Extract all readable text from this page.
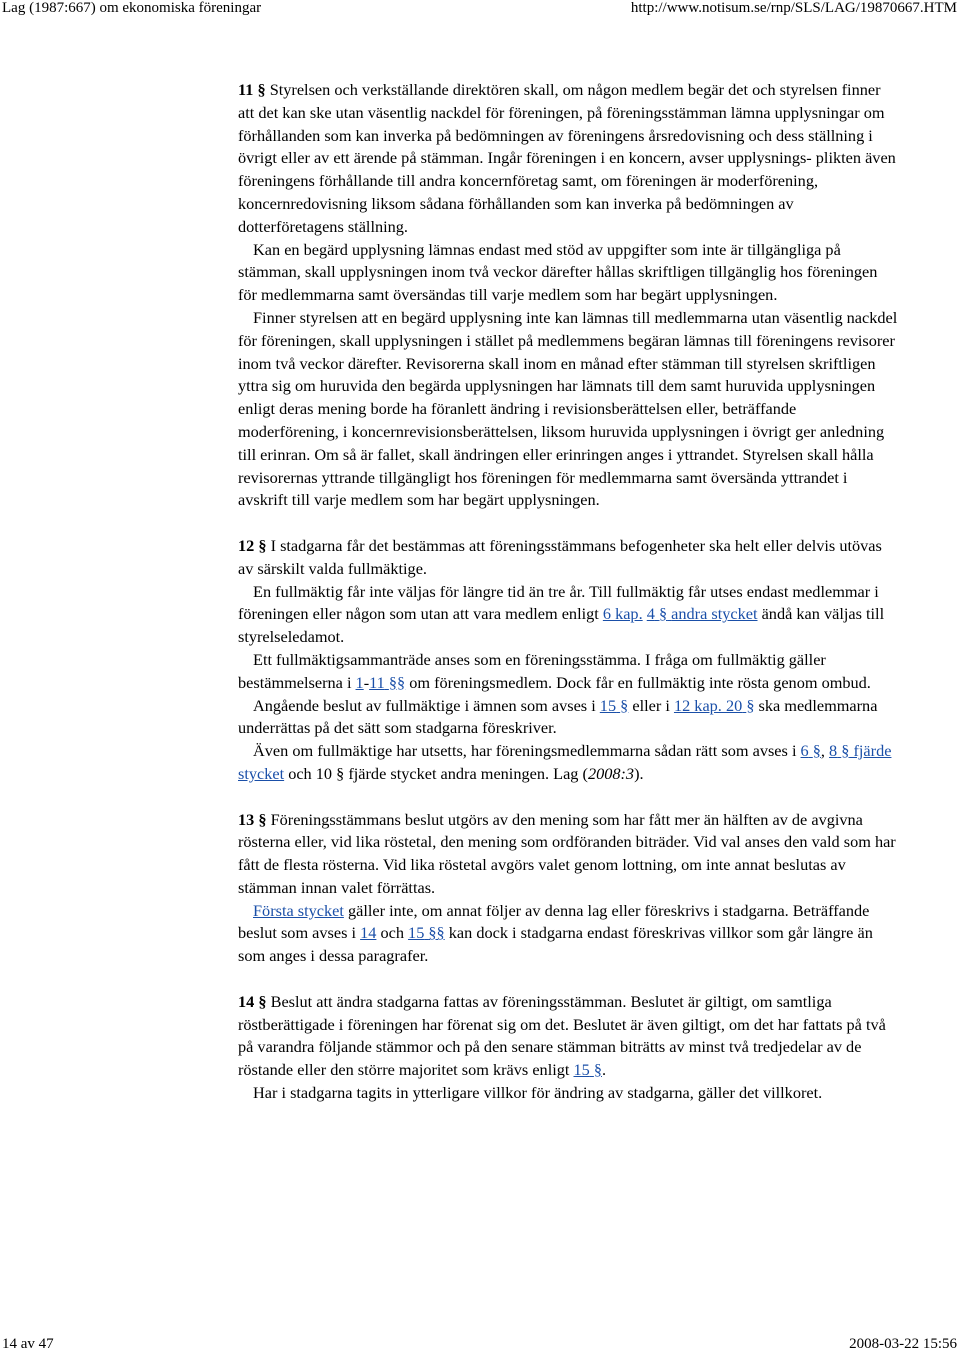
Lag (1987:667) om ekonomiska föreningar	http://www.notisum.se/rnp/SLS/LAG/19870667.HTM

11 § Styrelsen och verkställande direktören skall, om någon medlem begär det och styrelsen finner att det kan ske utan väsentlig nackdel för föreningen, på föreningsstämman lämna upplysningar om förhållanden som kan inverka på bedömningen av föreningens årsredovisning och dess ställning i övrigt eller av ett ärende på stämman. Ingår föreningen i en koncern, avser upplysnings- plikten även föreningens förhållande till andra koncernföretag samt, om föreningen är moderförening, koncernredovisning liksom sådana förhållanden som kan inverka på bedömningen av dotterföretagens ställning.

Kan en begärd upplysning lämnas endast med stöd av uppgifter som inte är tillgängliga på stämman, skall upplysningen inom två veckor därefter hållas skriftligen tillgänglig hos föreningen för medlemmarna samt översändas till varje medlem som har begärt upplysningen.

Finner styrelsen att en begärd upplysning inte kan lämnas till medlemmarna utan väsentlig nackdel för föreningen, skall upplysningen i stället på medlemmens begäran lämnas till föreningens revisorer inom två veckor därefter. Revisorerna skall inom en månad efter stämman till styrelsen skriftligen yttra sig om huruvida den begärda upplysningen har lämnats till dem samt huruvida upplysningen enligt deras mening borde ha föranlett ändring i revisionsberättelsen eller, beträffande moderförening, i koncernrevisionsberättelsen, liksom huruvida upplysningen i övrigt ger anledning till erinran. Om så är fallet, skall ändringen eller erinringen anges i yttrandet. Styrelsen skall hålla revisorernas yttrande tillgängligt hos föreningen för medlemmarna samt översända yttrandet i avskrift till varje medlem som har begärt upplysningen.

12 § I stadgarna får det bestämmas att föreningsstämmans befogenheter ska helt eller delvis utövas av särskilt valda fullmäktige.

En fullmäktig får inte väljas för längre tid än tre år. Till fullmäktig får utses endast medlemmar i föreningen eller någon som utan att vara medlem enligt 6 kap. 4 § andra stycket ändå kan väljas till styrelseledamot.

Ett fullmäktigsammanträde anses som en föreningsstämma. I fråga om fullmäktig gäller bestämmelserna i 1-11 §§ om föreningsmedlem. Dock får en fullmäktig inte rösta genom ombud.

Angående beslut av fullmäktige i ämnen som avses i 15 § eller i 12 kap. 20 § ska medlemmarna underrättas på det sätt som stadgarna föreskriver.

Även om fullmäktige har utsetts, har föreningsmedlemmarna sådan rätt som avses i 6 §, 8 § fjärde stycket och 10 § fjärde stycket andra meningen. Lag (2008:3).

13 § Föreningsstämmans beslut utgörs av den mening som har fått mer än hälften av de avgivna rösterna eller, vid lika röstetal, den mening som ordföranden biträder. Vid val anses den vald som har fått de flesta rösterna. Vid lika röstetal avgörs valet genom lottning, om inte annat beslutas av stämman innan valet förrättas.

Första stycket gäller inte, om annat följer av denna lag eller föreskrivs i stadgarna. Beträffande beslut som avses i 14 och 15 §§ kan dock i stadgarna endast föreskrivas villkor som går längre än som anges i dessa paragrafer.

14 § Beslut att ändra stadgarna fattas av föreningsstämman. Beslutet är giltigt, om samtliga röstberättigade i föreningen har förenat sig om det. Beslutet är även giltigt, om det har fattats på två på varandra följande stämmor och på den senare stämman biträtts av minst två tredjedelar av de röstande eller den större majoritet som krävs enligt 15 §.

Har i stadgarna tagits in ytterligare villkor för ändring av stadgarna, gäller det villkoret.

14 av 47	2008-03-22 15:56
